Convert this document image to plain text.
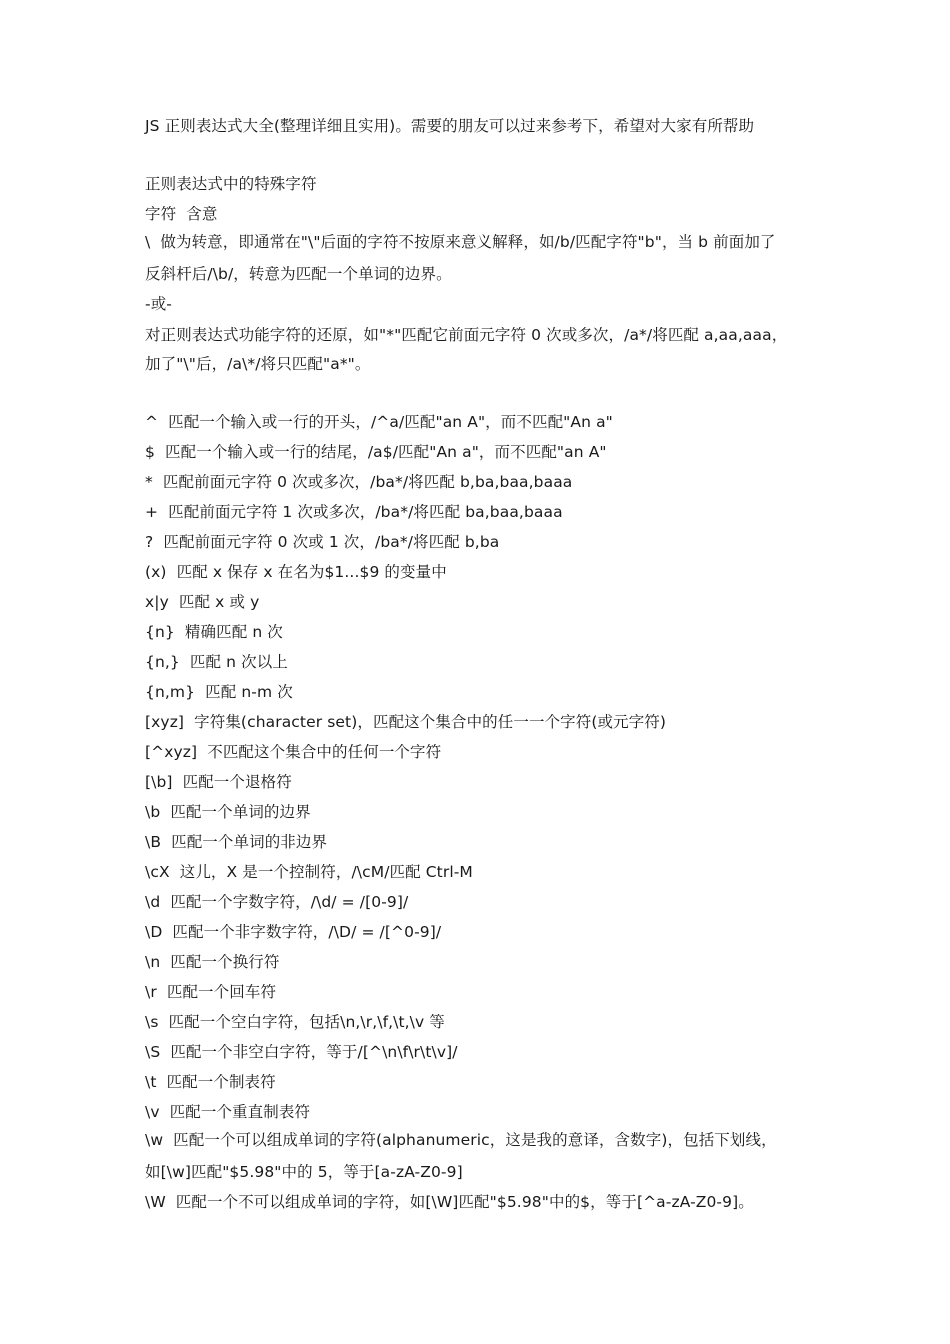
JS 正则表达式大全(整理详细且实用)。需要的朋友可以过来参考下，希望对大家有所帮助
正则表达式中的特殊字符
字符  含意
\  做为转意，即通常在"\"后面的字符不按原来意义解释，如/b/匹配字符"b"，当 b 前面加了
反斜杆后/\b/，转意为匹配一个单词的边界。
-或-
对正则表达式功能字符的还原，如"*"匹配它前面元字符 0 次或多次，/a*/将匹配 a,aa,aaa，
加了"\"后，/a\*/将只匹配"a*"。
^  匹配一个输入或一行的开头，/^a/匹配"an A"，而不匹配"An a"
$  匹配一个输入或一行的结尾，/a$/匹配"An a"，而不匹配"an A"
*  匹配前面元字符 0 次或多次，/ba*/将匹配 b,ba,baa,baaa
+  匹配前面元字符 1 次或多次，/ba*/将匹配 ba,baa,baaa
?  匹配前面元字符 0 次或 1 次，/ba*/将匹配 b,ba
(x)  匹配 x 保存 x 在名为$1...$9 的变量中
x|y  匹配 x 或 y
{n}  精确匹配 n 次
{n,}  匹配 n 次以上
{n,m}  匹配 n-m 次
[xyz]  字符集(character set)，匹配这个集合中的任一一个字符(或元字符)
[^xyz]  不匹配这个集合中的任何一个字符
[\b]  匹配一个退格符
\b  匹配一个单词的边界
\B  匹配一个单词的非边界
\cX  这儿，X 是一个控制符，/\cM/匹配 Ctrl-M
\d  匹配一个字数字符，/\d/ = /[0-9]/
\D  匹配一个非字数字符，/\D/ = /[^0-9]/
\n  匹配一个换行符
\r  匹配一个回车符
\s  匹配一个空白字符，包括\n,\r,\f,\t,\v 等
\S  匹配一个非空白字符，等于/[^\n\f\r\t\v]/
\t  匹配一个制表符
\v  匹配一个重直制表符
\w  匹配一个可以组成单词的字符(alphanumeric，这是我的意译，含数字)，包括下划线，
如[\w]匹配"$5.98"中的 5，等于[a-zA-Z0-9]
\W  匹配一个不可以组成单词的字符，如[\W]匹配"$5.98"中的$，等于[^a-zA-Z0-9]。
